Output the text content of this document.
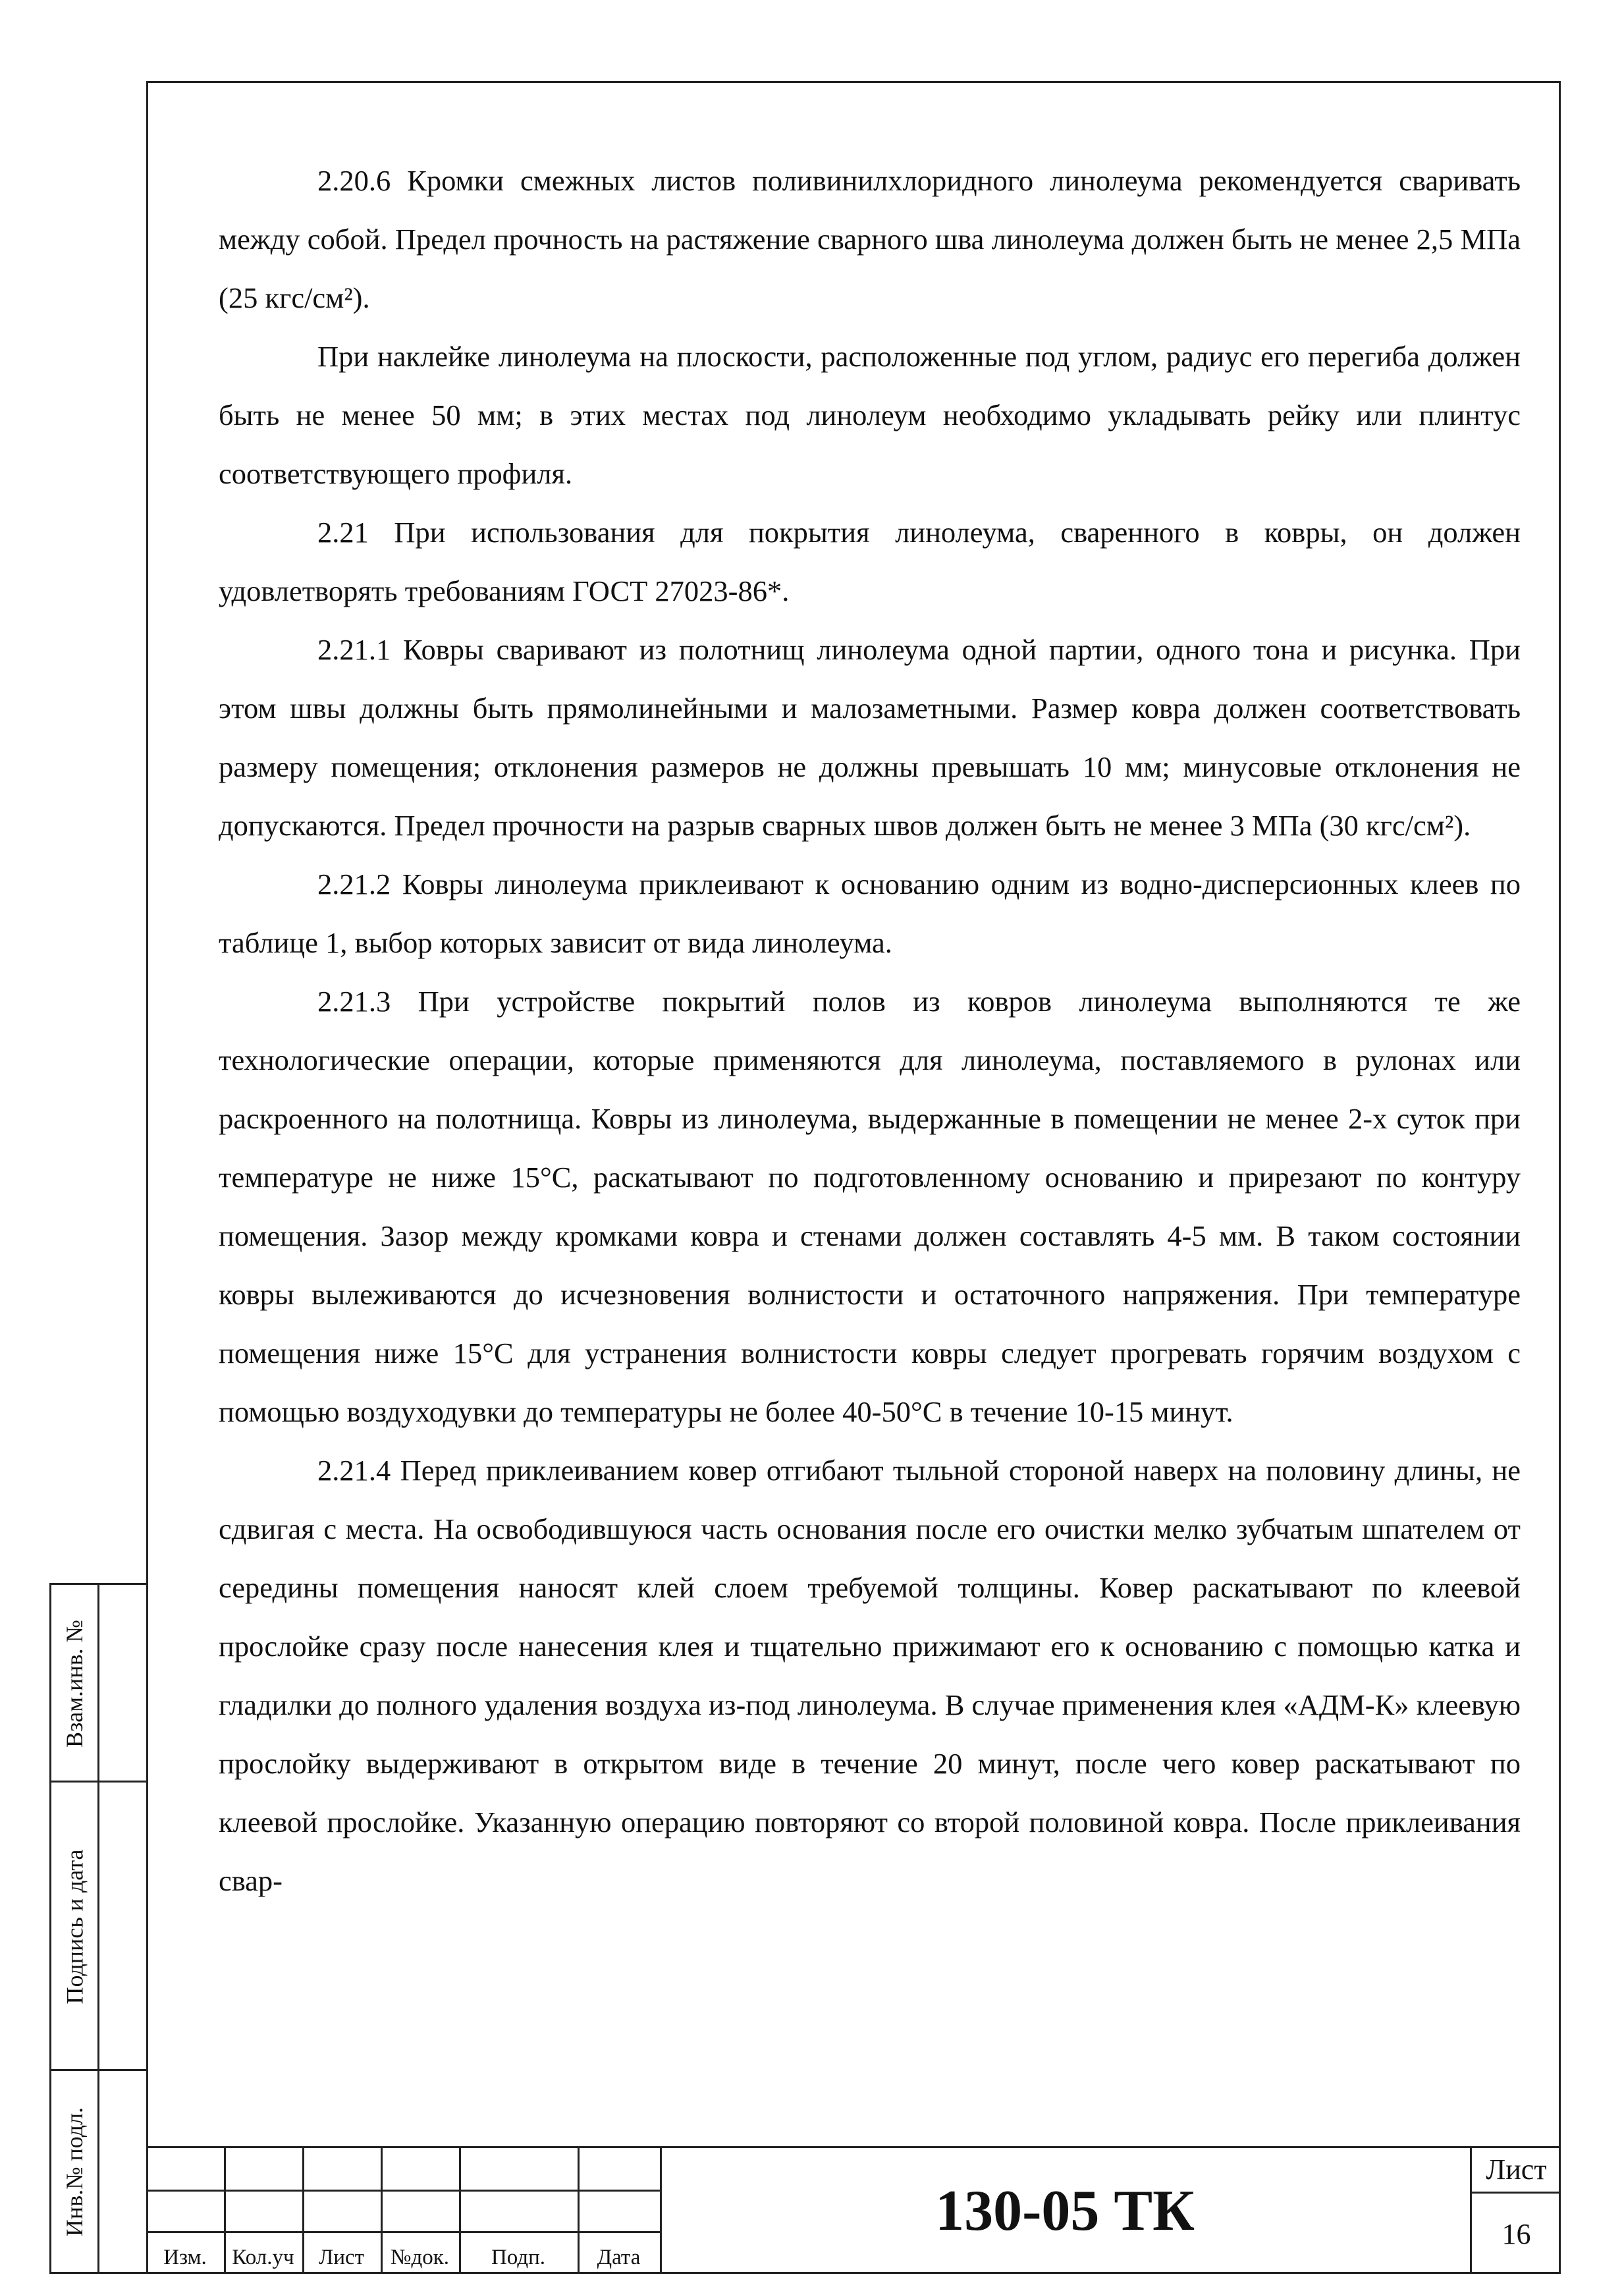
2.20.6 Кромки смежных листов поливинилхлоридного линолеума рекомендуется сваривать между собой. Предел прочность на растяжение сварного шва линолеума должен быть не менее 2,5 МПа (25 кгс/см²).

При наклейке линолеума на плоскости, расположенные под углом, радиус его перегиба должен быть не менее 50 мм; в этих местах под линолеум необходимо укладывать рейку или плинтус соответствующего профиля.

2.21 При использования для покрытия линолеума, сваренного в ковры, он должен удовлетворять требованиям ГОСТ 27023-86*.

2.21.1 Ковры сваривают из полотнищ линолеума одной партии, одного тона и рисунка. При этом швы должны быть прямолинейными и малозаметными. Размер ковра должен соответствовать размеру помещения; отклонения размеров не должны превышать 10 мм; минусовые отклонения не допускаются. Предел прочности на разрыв сварных швов должен быть не менее 3 МПа (30 кгс/см²).

2.21.2 Ковры линолеума приклеивают к основанию одним из водно-дисперсионных клеев по таблице 1, выбор которых зависит от вида линолеума.

2.21.3 При устройстве покрытий полов из ковров линолеума выполняются те же технологические операции, которые применяются для линолеума, поставляемого в рулонах или раскроенного на полотнища. Ковры из линолеума, выдержанные в помещении не менее 2-х суток при температуре не ниже 15°С, раскатывают по подготовленному основанию и прирезают по контуру помещения. Зазор между кромками ковра и стенами должен составлять 4-5 мм. В таком состоянии ковры вылеживаются до исчезновения волнистости и остаточного напряжения. При температуре помещения ниже 15°С для устранения волнистости ковры следует прогревать горячим воздухом с помощью воздуходувки до температуры не более 40-50°С в течение 10-15 минут.

2.21.4 Перед приклеиванием ковер отгибают тыльной стороной наверх на половину длины, не сдвигая с места. На освободившуюся часть основания после его очистки мелко зубчатым шпателем от середины помещения наносят клей слоем требуемой толщины. Ковер раскатывают по клеевой прослойке сразу после нанесения клея и тщательно прижимают его к основанию с помощью катка и гладилки до полного удаления воздуха из-под линолеума. В случае применения клея «АДМ-К» клеевую прослойку выдерживают в открытом виде в течение 20 минут, после чего ковер раскатывают по клеевой прослойке. Указанную операцию повторяют со второй половиной ковра. После приклеивания свар-

Взам.инв. №
Подпись и дата
Инв.№ подл.
Изм.	Кол.уч	Лист	№док.	Подп.	Дата
130-05 ТК
Лист
16
